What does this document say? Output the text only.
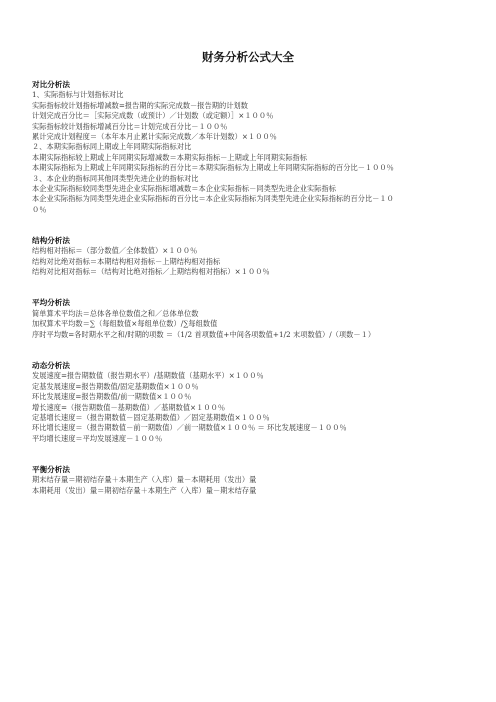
财务分析公式大全
对比分析法
1、实际指标与计划指标对比
实际指标较计划指标增减数=报告期的实际完成数－报告期的计划数
计划完成百分比＝［实际完成数（或预计）／计划数（或定额）］×１００％
实际指标较计划指标增减百分比＝计划完成百分比－１００％
累计完成计划程度＝（本年本月止累计实际完成数／本年计划数）×１００％
２、本期实际指标同上期或上年同期实际指标对比
本期实际指标较上期或上年同期实际增减数＝本期实际指标－上期或上年同期实际指标
本期实际指标为上期或上年同期实际指标的百分比＝本期实际指标为上期或上年同期实际指标的百分比－１００％
３、本企业的指标同其他同类型先进企业的指标对比
本企业实际指标较同类型先进企业实际指标增减数＝本企业实际指标－同类型先进企业实际指标
本企业实际指标为同类型先进企业实际指标的百分比＝本企业实际指标为同类型先进企业实际指标的百分比－１０
０％
结构分析法
结构相对指标＝（部分数值／全体数值）×１００％
结构对比绝对指标＝本期结构相对指标－上期结构相对指标
结构对比相对指标＝（结构对比绝对指标／上期结构相对指标）×１００％
平均分析法
简单算术平均法＝总体各单位数值之和／总体单位数
加权算术平均数＝∑（每组数值×每组单位数）/∑每组数值
序时平均数=各时期水平之和/时期的项数 ＝（1/2 首项数值+中间各项数值+1/2 末项数值）/（项数－１）
动态分析法
发展速度=报告期数值（报告期水平）/基期数值（基期水平）×１００％
定基发展速度=报告期数值/固定基期数值×１００％
环比发展速度=报告期数值/前一期数值×１００％
增长速度=（报告期数值－基期数值）／基期数值×１００％
定基增长速度＝（报告期数值－固定基期数值）／固定基期数值×１００％
环比增长速度＝（报告期数值－前一期数值）／前一期数值×１００％ ＝ 环比发展速度－１００％
平均增长速度＝平均发展速度－１００％
平衡分析法
期末结存量＝期初结存量＋本期生产（入库）量－本期耗用（发出）量
本期耗用（发出）量＝期初结存量＋本期生产（入库）量－期末结存量
